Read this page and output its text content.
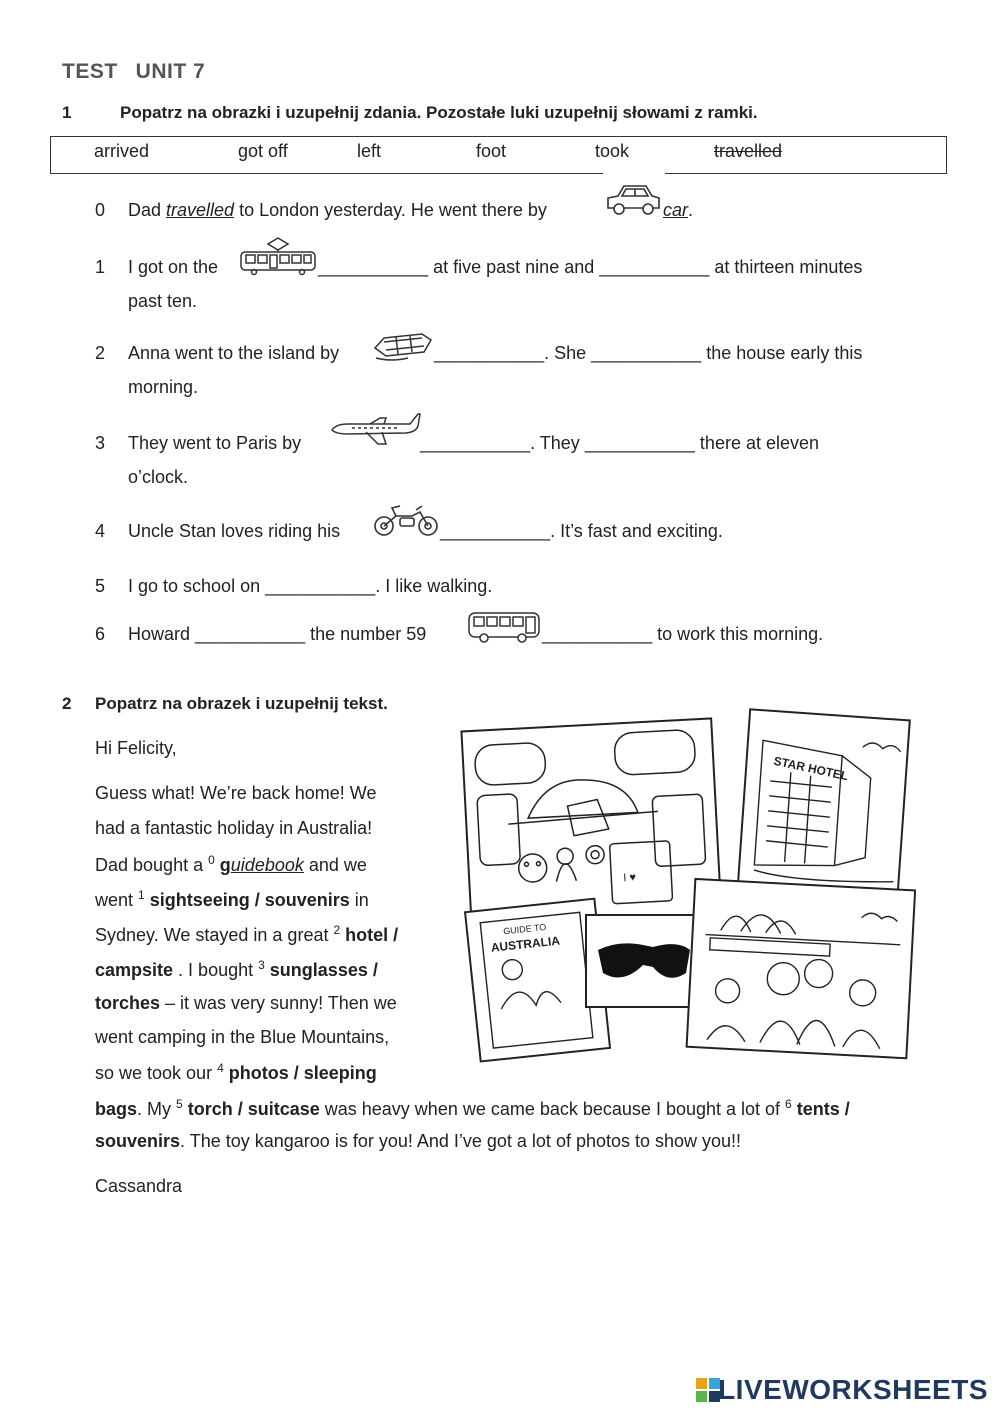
TEST UNIT 7
1	Popatrz na obrazki i uzupełnij zdania. Pozostałe luki uzupełnij słowami z ramki.
arrived	got off	left	foot	took	travelled
0 Dad travelled to London yesterday. He went there by	car.
1 I got on the	___________ at five past nine and ___________ at thirteen minutes
past ten.
2 Anna went to the island by	___________. She ___________ the house early this
morning.
3 They went to Paris by	___________. They ___________ there at eleven
o’clock.
4 Uncle Stan loves riding his	___________. It’s fast and exciting.
5 I go to school on ___________. I like walking.
6 Howard ___________ the number 59	___________ to work this morning.
2 Popatrz na obrazek i uzupełnij tekst.
Hi Felicity,
Guess what! We’re back home! We
had a fantastic holiday in Australia!
Dad bought a $^0$ guidebook and we
went $^1$ sightseeing / souvenirs in
Sydney. We stayed in a great $^2$ hotel /
campsite . I bought $^3$ sunglasses /
torches – it was very sunny! Then we
went camping in the Blue Mountains,
so we took our $^4$ photos / sleeping
bags. My $^5$ torch / suitcase was heavy when we came back because I bought a lot of $^6$ tents /
souvenirs. The toy kangaroo is for you! And I’ve got a lot of photos to show you!!
Cassandra
I ♥
STAR HOTEL
GUIDE TO
AUSTRALIA
LIVEWORKSHEETS
